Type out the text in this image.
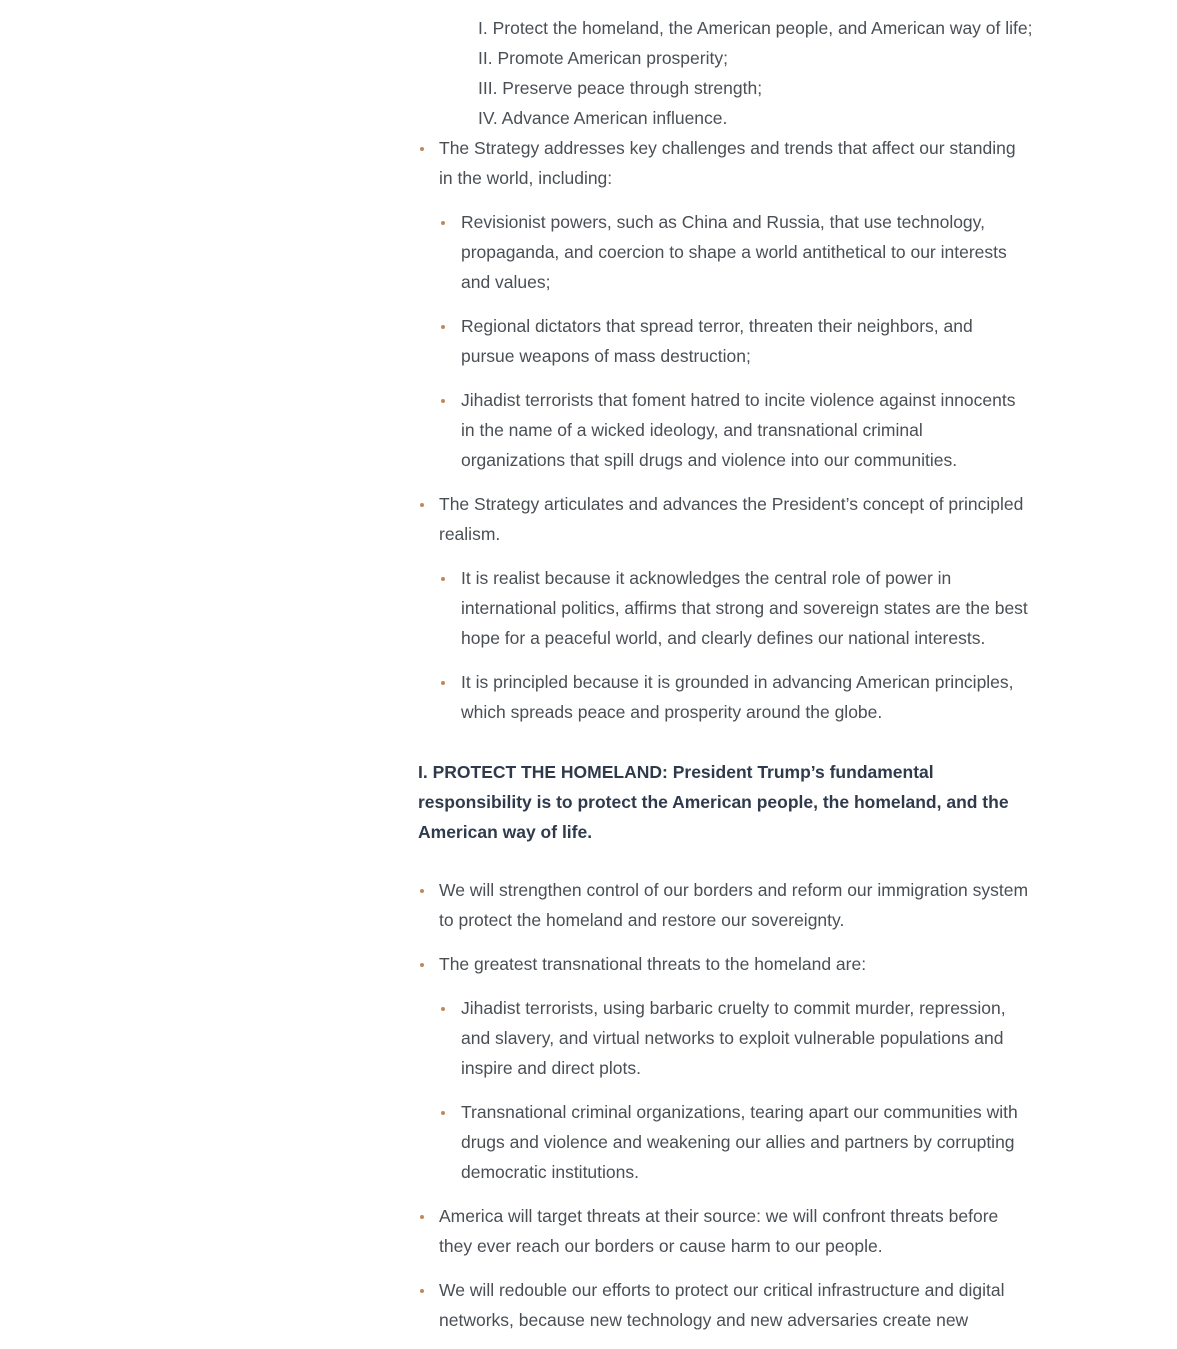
I. Protect the homeland, the American people, and American way of life;
II. Promote American prosperity;
III. Preserve peace through strength;
IV. Advance American influence.
The Strategy addresses key challenges and trends that affect our standing in the world, including:
Revisionist powers, such as China and Russia, that use technology, propaganda, and coercion to shape a world antithetical to our interests and values;
Regional dictators that spread terror, threaten their neighbors, and pursue weapons of mass destruction;
Jihadist terrorists that foment hatred to incite violence against innocents in the name of a wicked ideology, and transnational criminal organizations that spill drugs and violence into our communities.
The Strategy articulates and advances the President’s concept of principled realism.
It is realist because it acknowledges the central role of power in international politics, affirms that strong and sovereign states are the best hope for a peaceful world, and clearly defines our national interests.
It is principled because it is grounded in advancing American principles, which spreads peace and prosperity around the globe.
I. PROTECT THE HOMELAND: President Trump’s fundamental responsibility is to protect the American people, the homeland, and the American way of life.
We will strengthen control of our borders and reform our immigration system to protect the homeland and restore our sovereignty.
The greatest transnational threats to the homeland are:
Jihadist terrorists, using barbaric cruelty to commit murder, repression, and slavery, and virtual networks to exploit vulnerable populations and inspire and direct plots.
Transnational criminal organizations, tearing apart our communities with drugs and violence and weakening our allies and partners by corrupting democratic institutions.
America will target threats at their source: we will confront threats before they ever reach our borders or cause harm to our people.
We will redouble our efforts to protect our critical infrastructure and digital networks, because new technology and new adversaries create new
